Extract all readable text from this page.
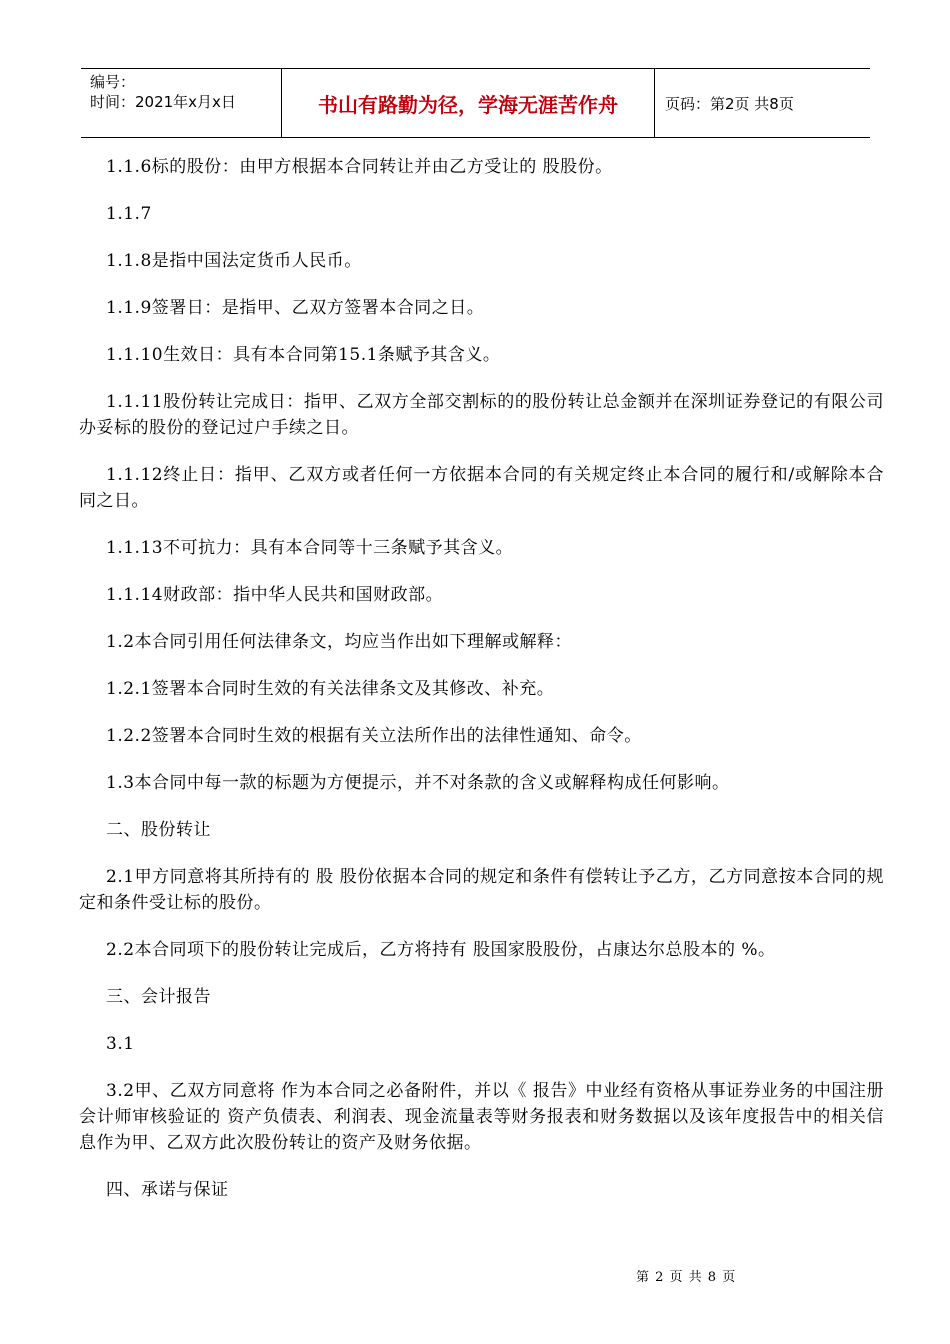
编号：
时间：2021年x月x日	书山有路勤为径，学海无涯苦作舟	页码：第2页 共8页

1.1.6标的股份：由甲方根据本合同转让并由乙方受让的 股股份。

1.1.7

1.1.8是指中国法定货币人民币。

1.1.9签署日：是指甲、乙双方签署本合同之日。

1.1.10生效日：具有本合同第15.1条赋予其含义。

1.1.11股份转让完成日：指甲、乙双方全部交割标的的股份转让总金额并在深圳证券登记的有限公司办妥标的股份的登记过户手续之日。

1.1.12终止日：指甲、乙双方或者任何一方依据本合同的有关规定终止本合同的履行和/或解除本合同之日。

1.1.13不可抗力：具有本合同等十三条赋予其含义。

1.1.14财政部：指中华人民共和国财政部。

1.2本合同引用任何法律条文，均应当作出如下理解或解释：

1.2.1签署本合同时生效的有关法律条文及其修改、补充。

1.2.2签署本合同时生效的根据有关立法所作出的法律性通知、命令。

1.3本合同中每一款的标题为方便提示，并不对条款的含义或解释构成任何影响。

二、股份转让

2.1甲方同意将其所持有的 股 股份依据本合同的规定和条件有偿转让予乙方，乙方同意按本合同的规定和条件受让标的股份。

2.2本合同项下的股份转让完成后，乙方将持有 股国家股股份，占康达尔总股本的 %。

三、会计报告

3.1

3.2甲、乙双方同意将 作为本合同之必备附件，并以《 报告》中业经有资格从事证券业务的中国注册会计师审核验证的 资产负债表、利润表、现金流量表等财务报表和财务数据以及该年度报告中的相关信息作为甲、乙双方此次股份转让的资产及财务依据。

四、承诺与保证

第 2 页 共 8 页
